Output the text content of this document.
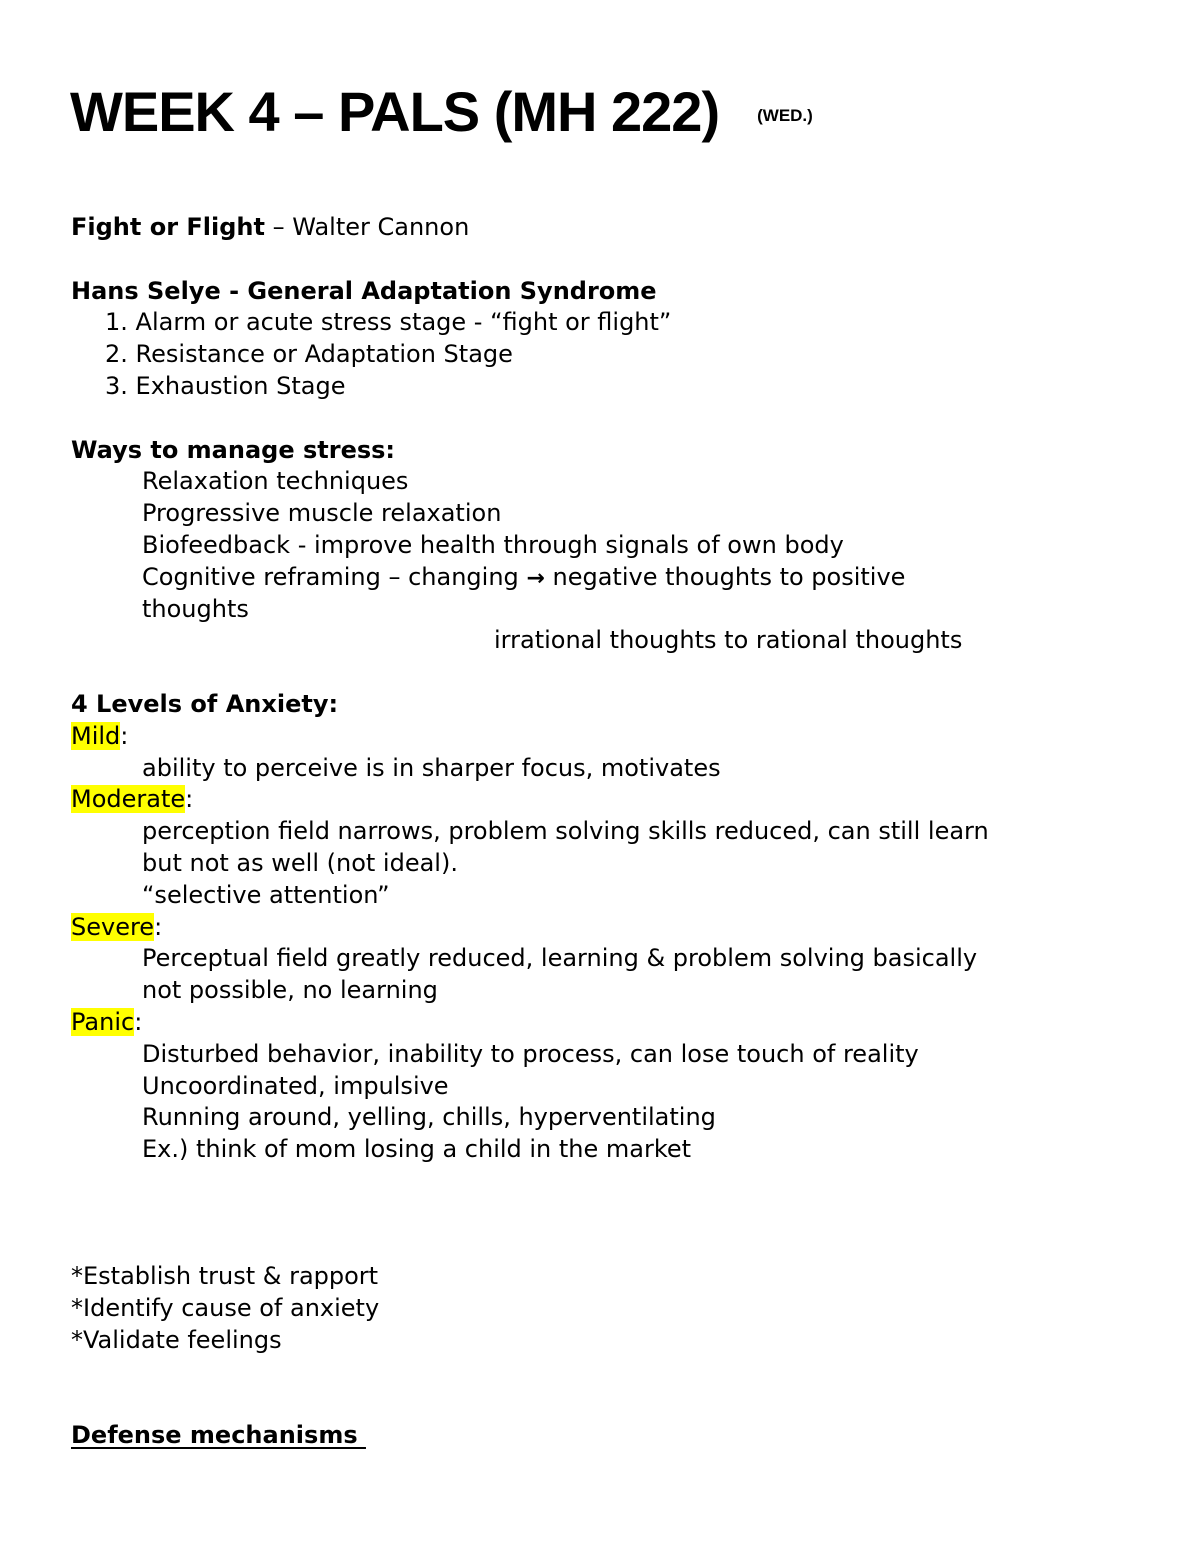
WEEK 4 – PALS (MH 222) (WED.)
Fight or Flight – Walter Cannon
Hans Selye - General Adaptation Syndrome
1. Alarm or acute stress stage - “fight or flight”
2. Resistance or Adaptation Stage
3. Exhaustion Stage
Ways to manage stress:
Relaxation techniques
Progressive muscle relaxation
Biofeedback - improve health through signals of own body
Cognitive reframing – changing → negative thoughts to positive
thoughts
irrational thoughts to rational thoughts
4 Levels of Anxiety:
Mild:
ability to perceive is in sharper focus, motivates
Moderate:
perception field narrows, problem solving skills reduced, can still learn
but not as well (not ideal).
“selective attention”
Severe:
Perceptual field greatly reduced, learning & problem solving basically
not possible, no learning
Panic:
Disturbed behavior, inability to process, can lose touch of reality
Uncoordinated, impulsive
Running around, yelling, chills, hyperventilating
Ex.) think of mom losing a child in the market
*Establish trust & rapport
*Identify cause of anxiety
*Validate feelings
Defense mechanisms
